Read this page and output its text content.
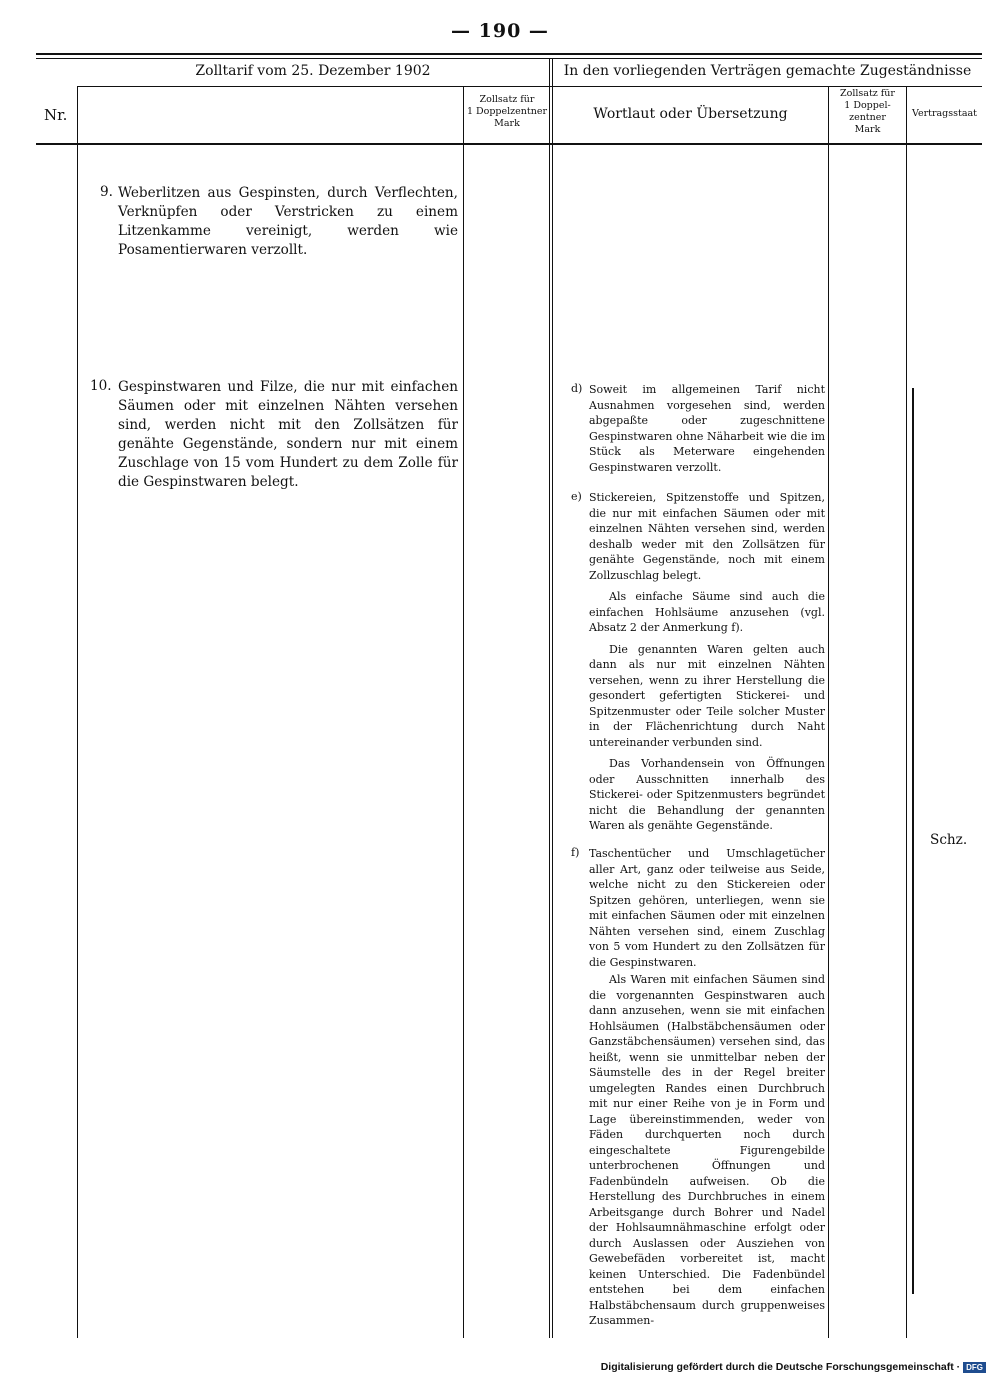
— 190 —
Zolltarif vom 25. Dezember 1902	In den vorliegenden Verträgen gemachte Zugeständnisse
Nr.
Zollsatz für
1 Doppelzentner
Mark
Wortlaut oder Übersetzung
Zollsatz für
1 Doppel-
zentner
Mark
Vertragsstaat
9. Weberlitzen aus Gespinsten, durch Verflechten, Verknüpfen oder Verstricken zu einem Litzenkamme vereinigt, werden wie Posamentierwaren verzollt.
10. Gespinstwaren und Filze, die nur mit einfachen Säumen oder mit einzelnen Nähten versehen sind, werden nicht mit den Zollsätzen für genähte Gegenstände, sondern nur mit einem Zuschlage von 15 vom Hundert zu dem Zolle für die Gespinstwaren belegt.
d) Soweit im allgemeinen Tarif nicht Ausnahmen vorgesehen sind, werden abgepaßte oder zugeschnittene Gespinstwaren ohne Näharbeit wie die im Stück als Meterware eingehenden Gespinstwaren verzollt.
e) Stickereien, Spitzenstoffe und Spitzen, die nur mit einfachen Säumen oder mit einzelnen Nähten versehen sind, werden deshalb weder mit den Zollsätzen für genähte Gegenstände, noch mit einem Zollzuschlag belegt.

Als einfache Säume sind auch die einfachen Hohlsäume anzusehen (vgl. Absatz 2 der Anmerkung f).

Die genannten Waren gelten auch dann als nur mit einzelnen Nähten versehen, wenn zu ihrer Herstellung die gesondert gefertigten Stickerei- und Spitzenmuster oder Teile solcher Muster in der Flächenrichtung durch Naht untereinander verbunden sind.

Das Vorhandensein von Öffnungen oder Ausschnitten innerhalb des Stickerei- oder Spitzenmusters begründet nicht die Behandlung der genannten Waren als genähte Gegenstände.

f) Taschentücher und Umschlagetücher aller Art, ganz oder teilweise aus Seide, welche nicht zu den Stickereien oder Spitzen gehören, unterliegen, wenn sie mit einfachen Säumen oder mit einzelnen Nähten versehen sind, einem Zuschlag von 5 vom Hundert zu den Zollsätzen für die Gespinstwaren.

Als Waren mit einfachen Säumen sind die vorgenannten Gespinstwaren auch dann anzusehen, wenn sie mit einfachen Hohlsäumen (Halbstäbchensäumen oder Ganzstäbchensäumen) versehen sind, das heißt, wenn sie unmittelbar neben der Säumstelle des in der Regel breiter umgelegten Randes einen Durchbruch mit nur einer Reihe von je in Form und Lage übereinstimmenden, weder von Fäden durchquerten noch durch eingeschaltete Figurengebilde unterbrochenen Öffnungen und Fadenbündeln aufweisen. Ob die Herstellung des Durchbruches in einem Arbeitsgange durch Bohrer und Nadel der Hohlsaumnähmaschine erfolgt oder durch Auslassen oder Ausziehen von Gewebefäden vorbereitet ist, macht keinen Unterschied. Die Fadenbündel entstehen bei dem einfachen Halbstäbchensaum durch gruppenweises Zusammen-

Schz.
Digitalisierung gefördert durch die Deutsche Forschungsgemeinschaft · DFG
